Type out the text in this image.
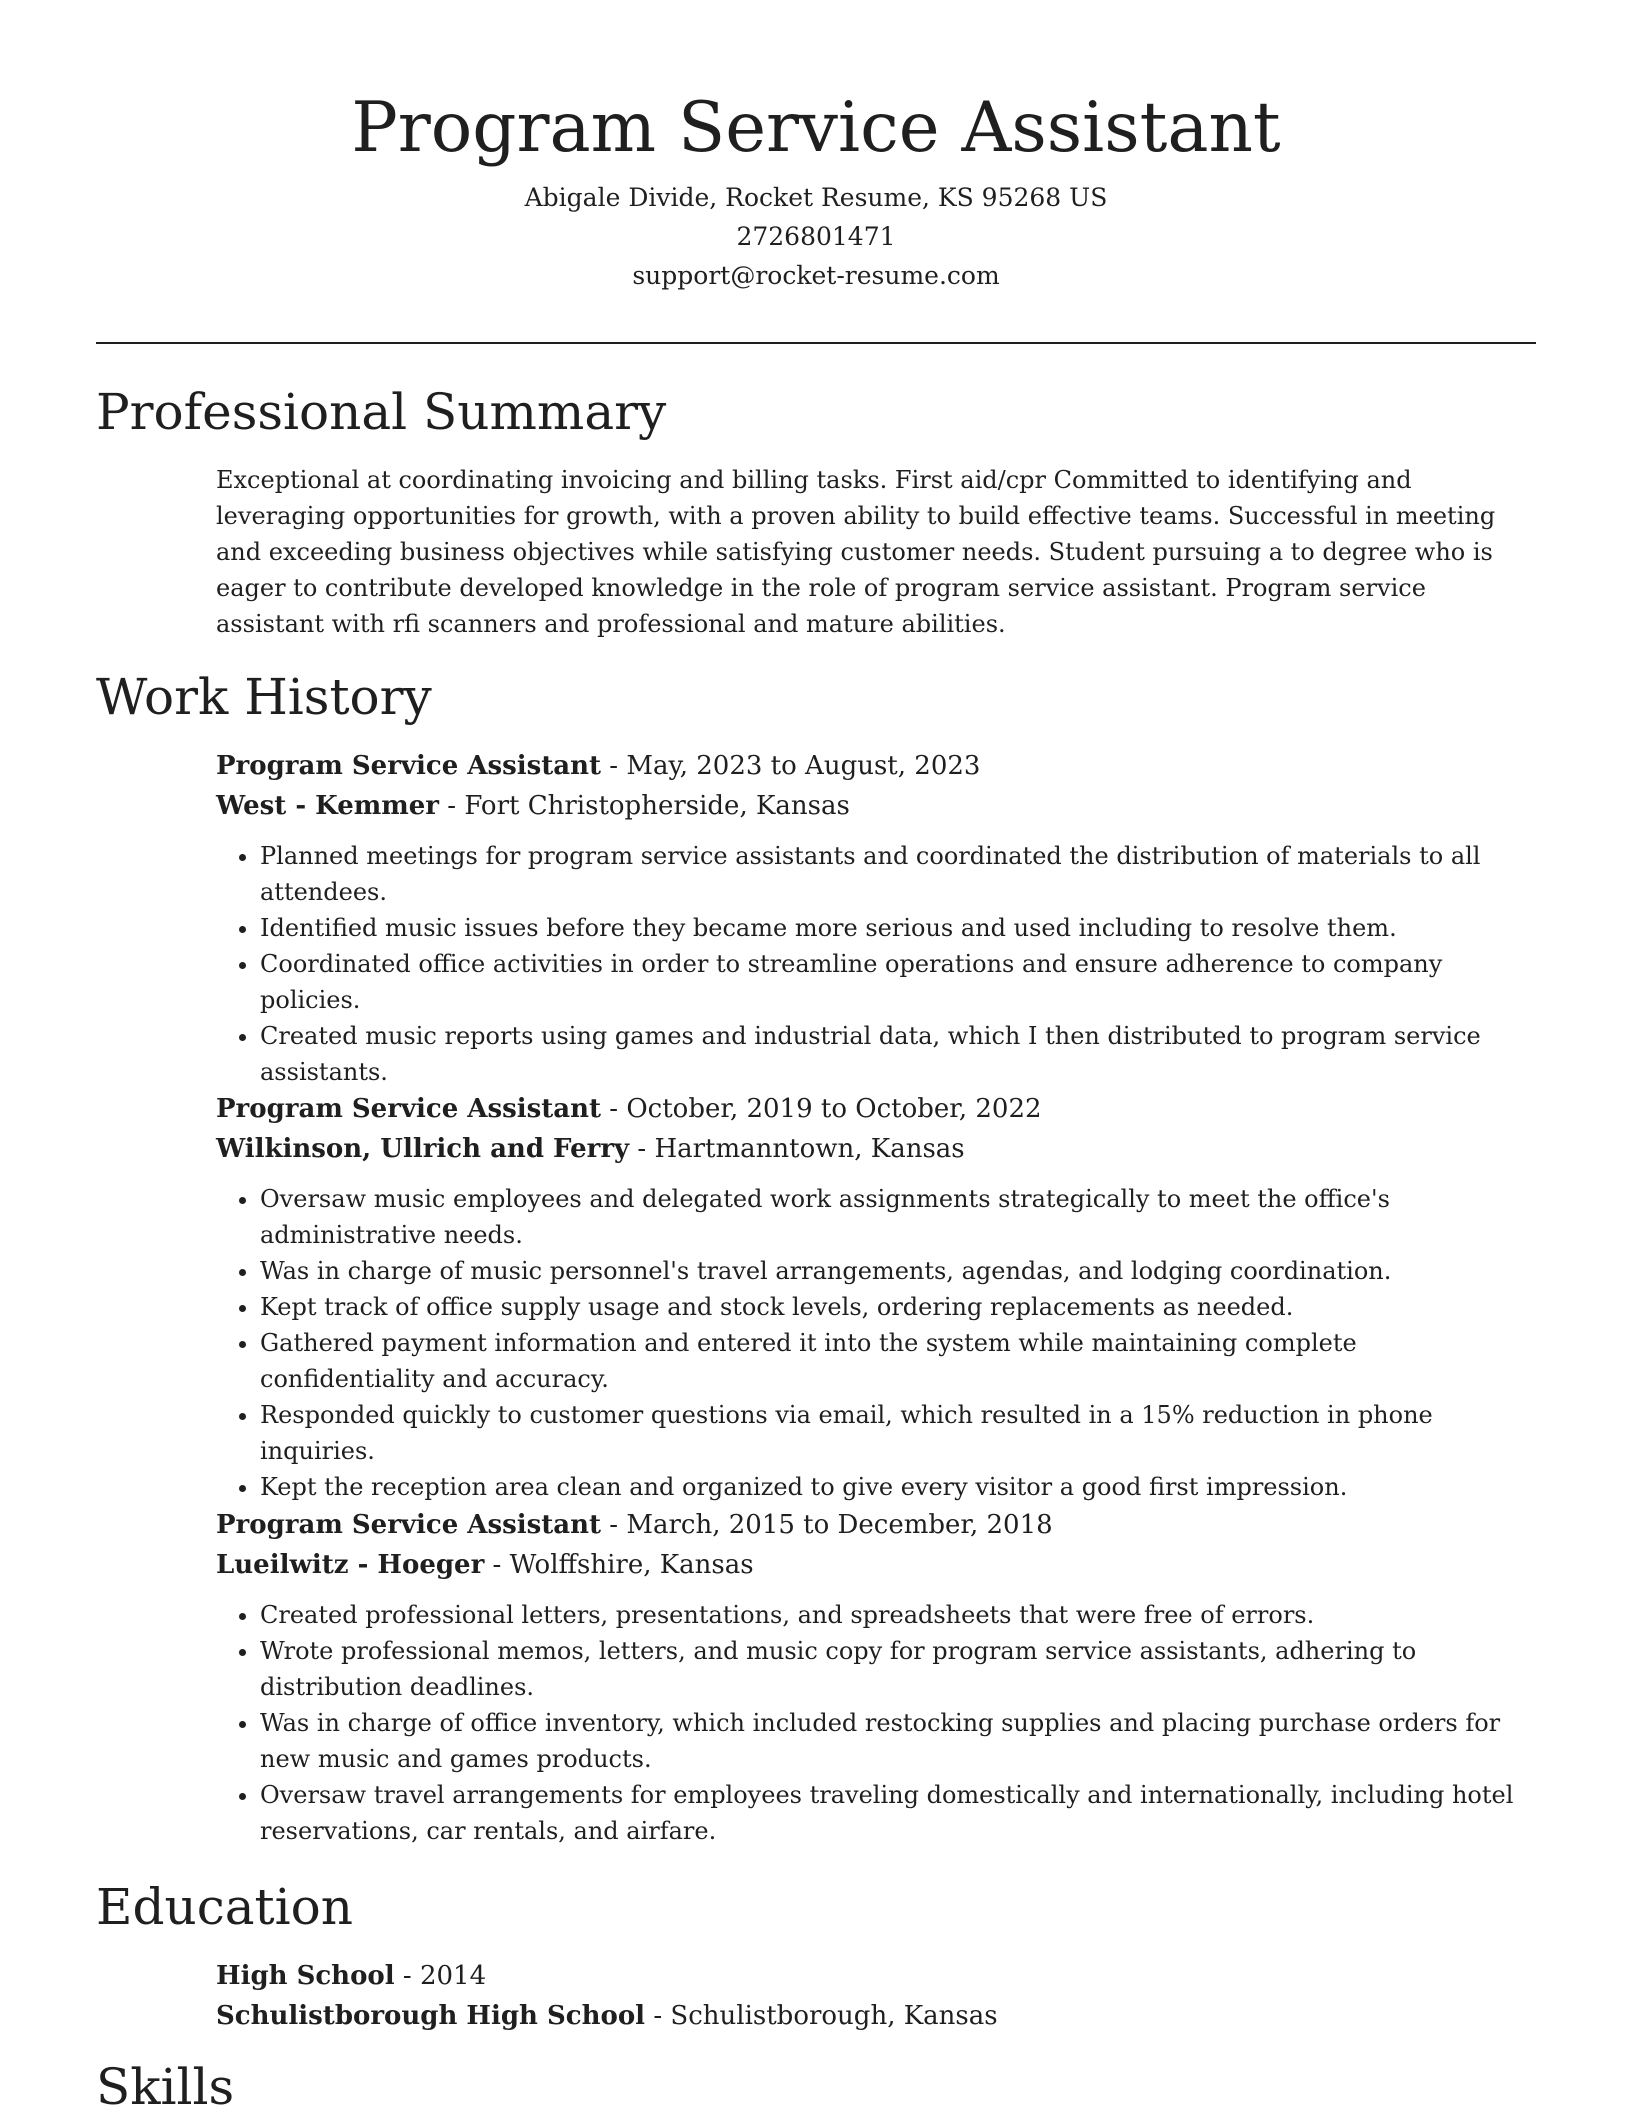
Program Service Assistant

Abigale Divide, Rocket Resume, KS 95268 US

2726801471

support@rocket-resume.com

Professional Summary

Exceptional at coordinating invoicing and billing tasks. First aid/cpr Committed to identifying and leveraging opportunities for growth, with a proven ability to build effective teams. Successful in meeting and exceeding business objectives while satisfying customer needs. Student pursuing a to degree who is eager to contribute developed knowledge in the role of program service assistant. Program service assistant with rfi scanners and professional and mature abilities.

Work History

Program Service Assistant - May, 2023 to August, 2023

West - Kemmer - Fort Christopherside, Kansas

• Planned meetings for program service assistants and coordinated the distribution of materials to all attendees.
• Identified music issues before they became more serious and used including to resolve them.
• Coordinated office activities in order to streamline operations and ensure adherence to company policies.
• Created music reports using games and industrial data, which I then distributed to program service assistants.

Program Service Assistant - October, 2019 to October, 2022

Wilkinson, Ullrich and Ferry - Hartmanntown, Kansas

• Oversaw music employees and delegated work assignments strategically to meet the office's administrative needs.
• Was in charge of music personnel's travel arrangements, agendas, and lodging coordination.
• Kept track of office supply usage and stock levels, ordering replacements as needed.
• Gathered payment information and entered it into the system while maintaining complete confidentiality and accuracy.
• Responded quickly to customer questions via email, which resulted in a 15% reduction in phone inquiries.
• Kept the reception area clean and organized to give every visitor a good first impression.

Program Service Assistant - March, 2015 to December, 2018

Lueilwitz - Hoeger - Wolffshire, Kansas

• Created professional letters, presentations, and spreadsheets that were free of errors.
• Wrote professional memos, letters, and music copy for program service assistants, adhering to distribution deadlines.
• Was in charge of office inventory, which included restocking supplies and placing purchase orders for new music and games products.
• Oversaw travel arrangements for employees traveling domestically and internationally, including hotel reservations, car rentals, and airfare.
Education

High School - 2014

Schulistborough High School - Schulistborough, Kansas

Skills
